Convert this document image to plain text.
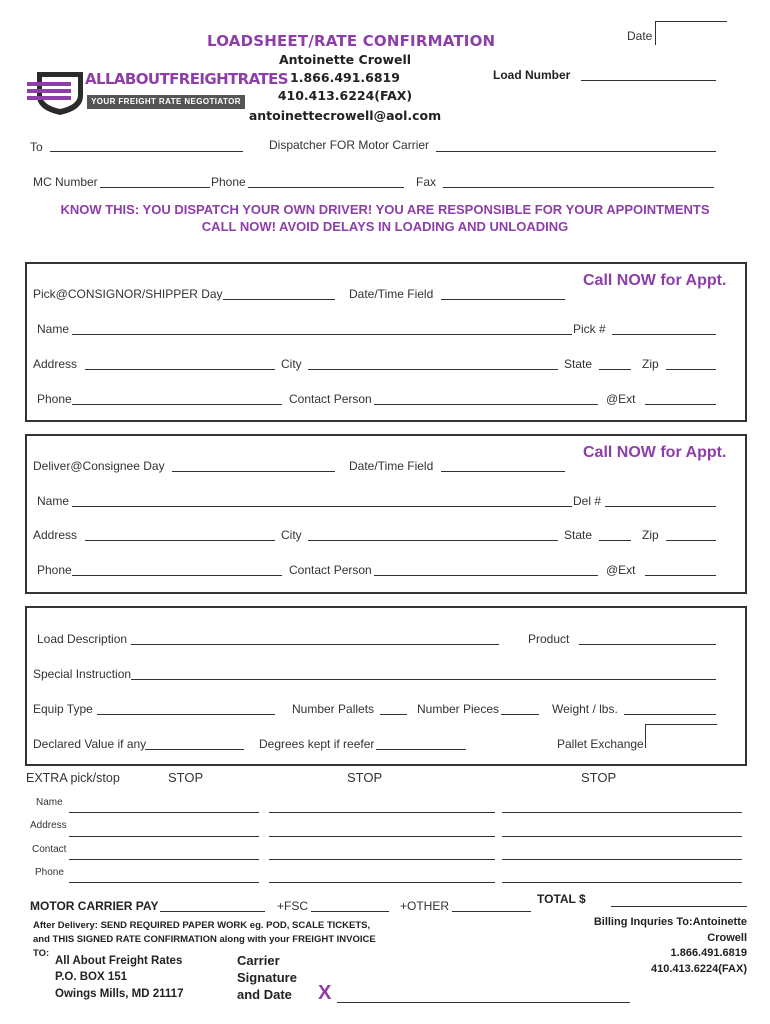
LOADSHEET/RATE CONFIRMATION	Date
ALLABOUTFREIGHTRATES
YOUR FREIGHT RATE NEGOTIATOR
Antoinette Crowell
1.866.491.6819
410.413.6224(FAX)
antoinettecrowell@aol.com
Load Number
To	Dispatcher FOR Motor Carrier
MC Number	Phone	Fax
KNOW THIS: YOU DISPATCH YOUR OWN DRIVER! YOU ARE RESPONSIBLE FOR YOUR APPOINTMENTS
CALL NOW! AVOID DELAYS IN LOADING AND UNLOADING
Call NOW for Appt.
Pick@CONSIGNOR/SHIPPER Day	Date/Time Field
Name	Pick #
Address	City	State	Zip
Phone	Contact Person	@Ext
Call NOW for Appt.
Deliver@Consignee Day	Date/Time Field
Name	Del #
Address	City	State	Zip
Phone	Contact Person	@Ext
Load Description	Product
Special Instruction
Equip Type	Number Pallets	Number Pieces	Weight / lbs.
Declared Value if any	Degrees kept if reefer	Pallet Exchange
EXTRA pick/stop	STOP	STOP	STOP
Name
Address
Contact
Phone
MOTOR CARRIER PAY	+FSC	+OTHER	TOTAL $
After Delivery: SEND REQUIRED PAPER WORK eg. POD, SCALE TICKETS,
and THIS SIGNED RATE CONFIRMATION along with your FREIGHT INVOICE
TO:
All About Freight Rates
P.O. BOX 151
Owings Mills, MD 21117
Carrier
Signature
and Date X
Billing Inquries To:Antoinette
Crowell
1.866.491.6819
410.413.6224(FAX)
